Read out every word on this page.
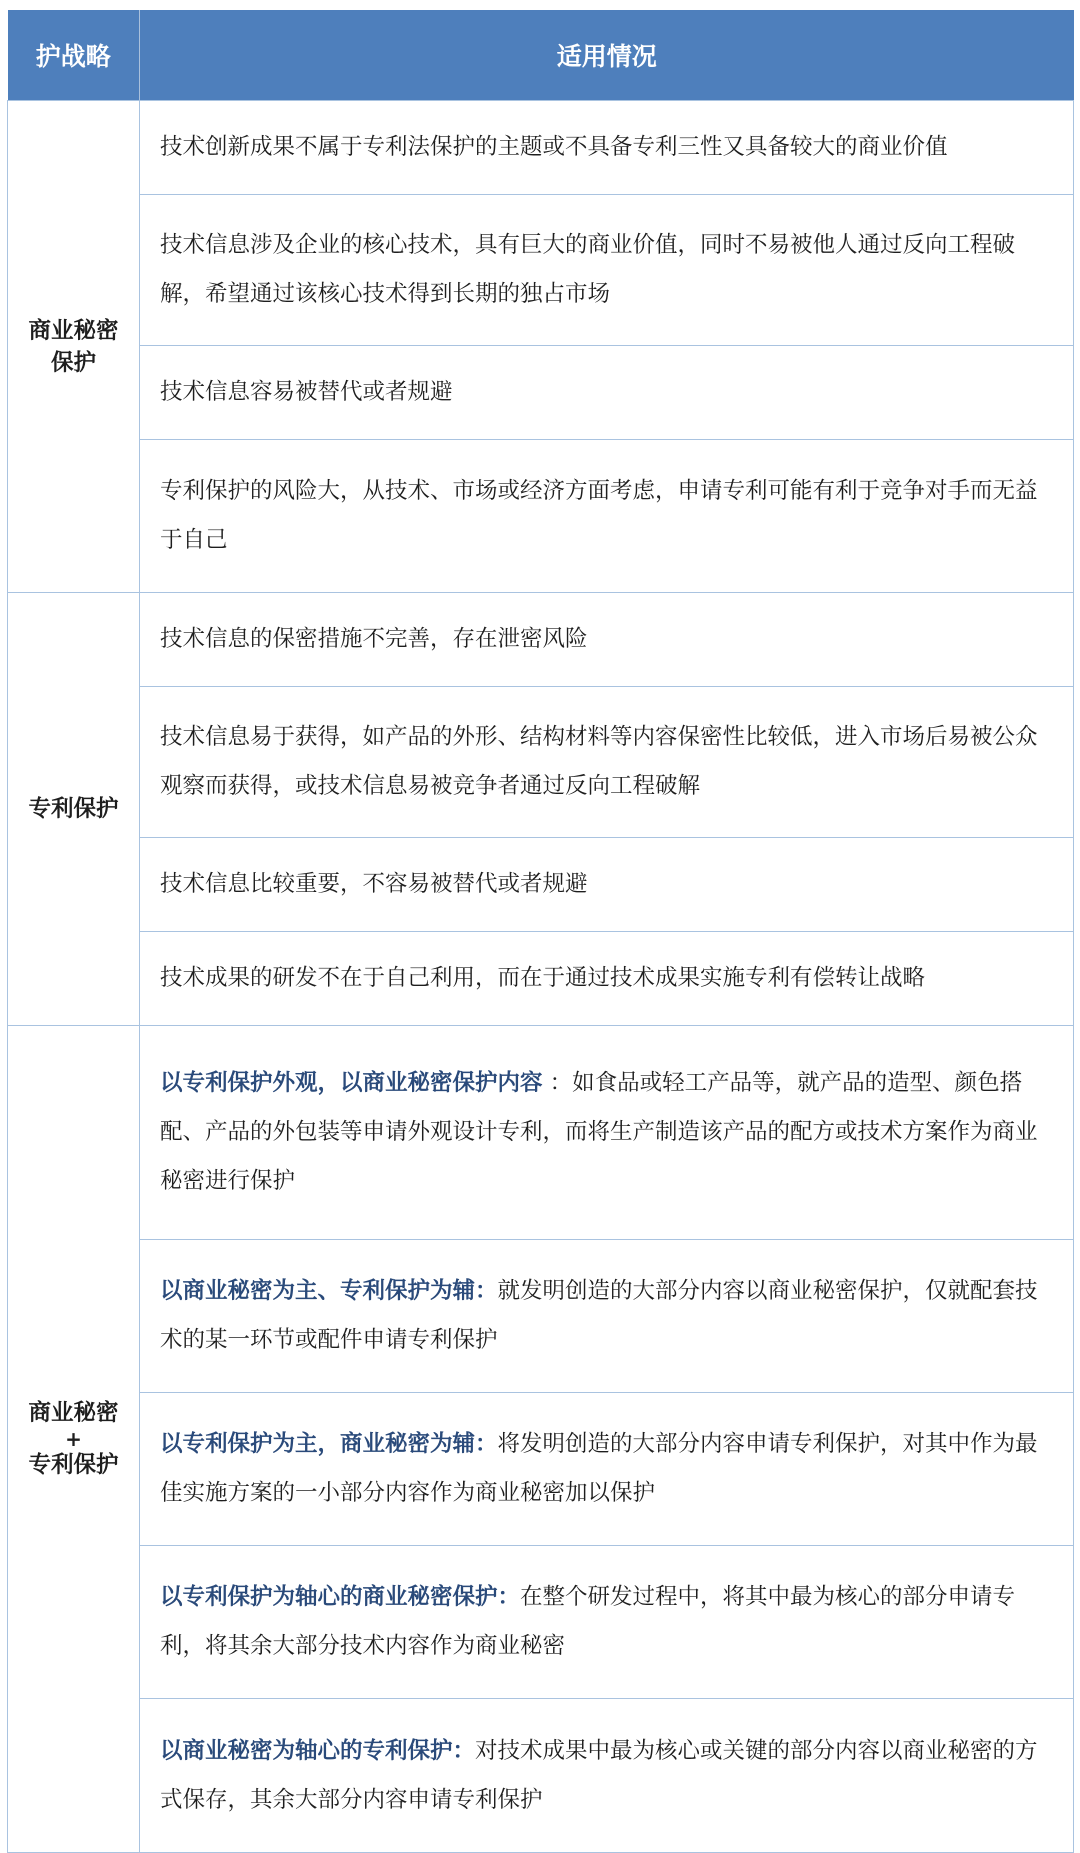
护战略	适用情况
商业秘密
保护	技术创新成果不属于专利法保护的主题或不具备专利三性又具备较大的商业价值
	技术信息涉及企业的核心技术，具有巨大的商业价值，同时不易被他人通过反向工程破解，希望通过该核心技术得到长期的独占市场
	技术信息容易被替代或者规避
	专利保护的风险大，从技术、市场或经济方面考虑，申请专利可能有利于竞争对手而无益于自己
专利保护	技术信息的保密措施不完善，存在泄密风险
	技术信息易于获得，如产品的外形、结构材料等内容保密性比较低，进入市场后易被公众观察而获得，或技术信息易被竞争者通过反向工程破解
	技术信息比较重要，不容易被替代或者规避
	技术成果的研发不在于自己利用，而在于通过技术成果实施专利有偿转让战略
商业秘密
+
专利保护	以专利保护外观，以商业秘密保护内容 ：如食品或轻工产品等，就产品的造型、颜色搭配、产品的外包装等申请外观设计专利，而将生产制造该产品的配方或技术方案作为商业秘密进行保护
	以商业秘密为主、专利保护为辅：就发明创造的大部分内容以商业秘密保护，仅就配套技术的某一环节或配件申请专利保护
	以专利保护为主，商业秘密为辅：将发明创造的大部分内容申请专利保护，对其中作为最佳实施方案的一小部分内容作为商业秘密加以保护
	以专利保护为轴心的商业秘密保护：在整个研发过程中，将其中最为核心的部分申请专利，将其余大部分技术内容作为商业秘密
	以商业秘密为轴心的专利保护：对技术成果中最为核心或关键的部分内容以商业秘密的方式保存，其余大部分内容申请专利保护
